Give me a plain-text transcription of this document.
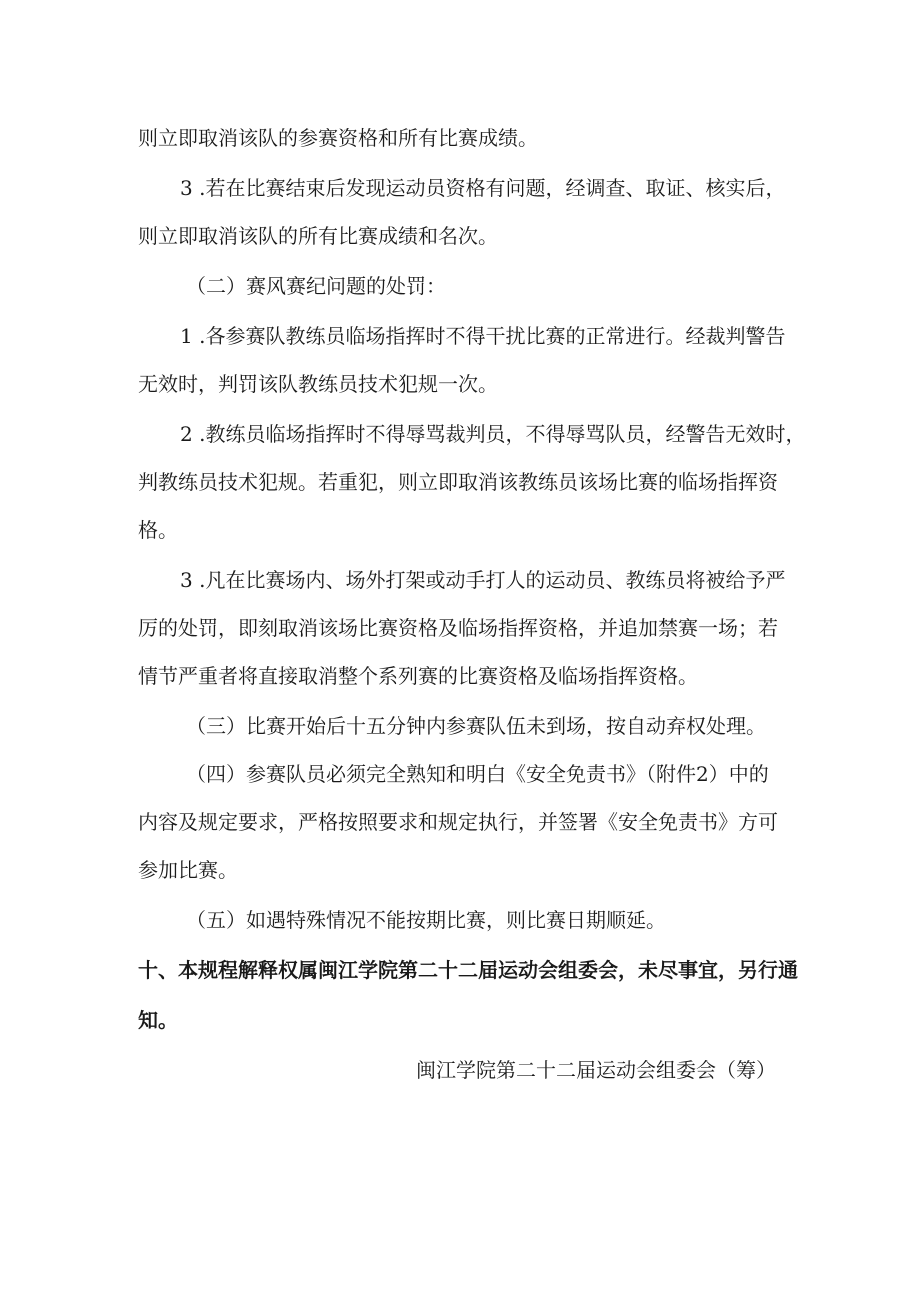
则立即取消该队的参赛资格和所有比赛成绩。

3 .若在比赛结束后发现运动员资格有问题，经调查、取证、核实后，

则立即取消该队的所有比赛成绩和名次。

（二）赛风赛纪问题的处罚：

1 .各参赛队教练员临场指挥时不得干扰比赛的正常进行。经裁判警告

无效时，判罚该队教练员技术犯规一次。

2 .教练员临场指挥时不得辱骂裁判员，不得辱骂队员，经警告无效时，

判教练员技术犯规。若重犯，则立即取消该教练员该场比赛的临场指挥资

格。

3 .凡在比赛场内、场外打架或动手打人的运动员、教练员将被给予严

厉的处罚，即刻取消该场比赛资格及临场指挥资格，并追加禁赛一场；若

情节严重者将直接取消整个系列赛的比赛资格及临场指挥资格。

（三）比赛开始后十五分钟内参赛队伍未到场，按自动弃权处理。

（四）参赛队员必须完全熟知和明白《安全免责书》（附件2）中的

内容及规定要求，严格按照要求和规定执行，并签署《安全免责书》方可

参加比赛。

（五）如遇特殊情况不能按期比赛，则比赛日期顺延。

十、本规程解释权属闽江学院第二十二届运动会组委会，未尽事宜，另行通

知。

闽江学院第二十二届运动会组委会（筹）
